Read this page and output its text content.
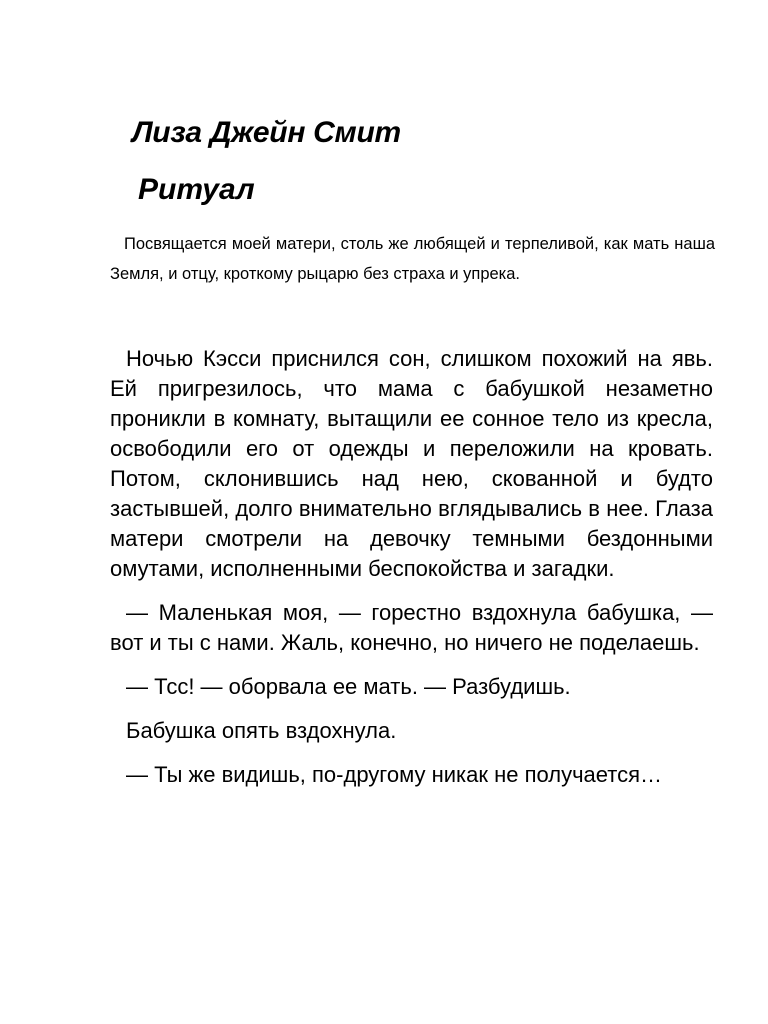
Лиза Джейн Смит
Ритуал
Посвящается моей матери, столь же любящей и терпеливой, как мать наша Земля, и отцу, кроткому рыцарю без страха и упрека.

Ночью Кэсси приснился сон, слишком похожий на явь. Ей пригрезилось, что мама с бабушкой незаметно проникли в комнату, вытащили ее сонное тело из кресла, освободили его от одежды и переложили на кровать. Потом, склонившись над нею, скованной и будто застывшей, долго внимательно вглядывались в нее. Глаза матери смотрели на девочку темными бездонными омутами, исполненными беспокойства и загадки.

— Маленькая моя, — горестно вздохнула бабушка, — вот и ты с нами. Жаль, конечно, но ничего не поделаешь.

— Тсс! — оборвала ее мать. — Разбудишь.

Бабушка опять вздохнула.

— Ты же видишь, по-другому никак не получается…
